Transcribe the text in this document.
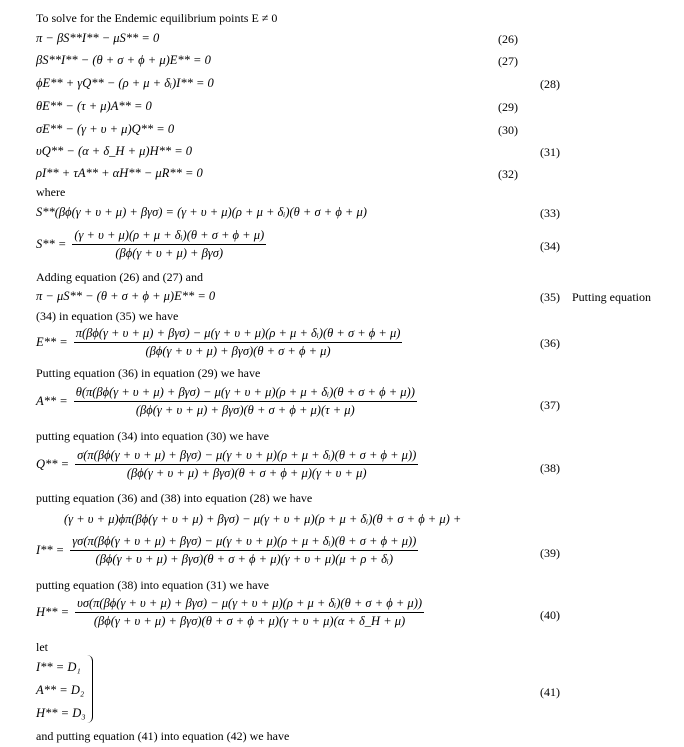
To solve for the Endemic equilibrium points E ≠ 0
π − βS**I** − μS** = 0	(26)
βS**I** − (θ + σ + ϕ + μ)E** = 0	(27)
ϕE** + γQ** − (ρ + μ + δᵢ)I** = 0	(28)
θE** − (τ + μ)A** = 0	(29)
σE** − (γ + υ + μ)Q** = 0	(30)
υQ** − (α + δ_H + μ)H** = 0	(31)
ρI** + τA** + αH** − μR** = 0	(32)
where
S**(βϕ(γ + υ + μ) + βγσ) = (γ + υ + μ)(ρ + μ + δᵢ)(θ + σ + ϕ + μ)	(33)
S** =
(γ + υ + μ)(ρ + μ + δᵢ)(θ + σ + ϕ + μ)
(βϕ(γ + υ + μ) + βγσ)	(34)
Adding equation (26) and (27) and
π − μS** − (θ + σ + ϕ + μ)E** = 0	(35) Putting equation
(34) in equation (35) we have
E** =
π(βϕ(γ + υ + μ) + βγσ) − μ(γ + υ + μ)(ρ + μ + δᵢ)(θ + σ + ϕ + μ)
(βϕ(γ + υ + μ) + βγσ)(θ + σ + ϕ + μ)
(36)
Putting equation (36) in equation (29) we have
A** =
θ(π(βϕ(γ + υ + μ) + βγσ) − μ(γ + υ + μ)(ρ + μ + δᵢ)(θ + σ + ϕ + μ))
(βϕ(γ + υ + μ) + βγσ)(θ + σ + ϕ + μ)(τ + μ)	(37)
putting equation (34) into equation (30) we have
Q** =
σ(π(βϕ(γ + υ + μ) + βγσ) − μ(γ + υ + μ)(ρ + μ + δᵢ)(θ + σ + ϕ + μ))
(βϕ(γ + υ + μ) + βγσ)(θ + σ + ϕ + μ)(γ + υ + μ)	(38)
putting equation (36) and (38) into equation (28) we have
(γ + υ + μ)ϕπ(βϕ(γ + υ + μ) + βγσ) − μ(γ + υ + μ)(ρ + μ + δᵢ)(θ + σ + ϕ + μ) +
I** =
γσ(π(βϕ(γ + υ + μ) + βγσ) − μ(γ + υ + μ)(ρ + μ + δᵢ)(θ + σ + ϕ + μ))
(βϕ(γ + υ + μ) + βγσ)(θ + σ + ϕ + μ)(γ + υ + μ)(μ + ρ + δᵢ)	(39)
putting equation (38) into equation (31) we have
H** =
υσ(π(βϕ(γ + υ + μ) + βγσ) − μ(γ + υ + μ)(ρ + μ + δᵢ)(θ + σ + ϕ + μ))
(βϕ(γ + υ + μ) + βγσ)(θ + σ + ϕ + μ)(γ + υ + μ)(α + δ_H + μ)	(40)
let
I** = D₁
A** = D₂
H** = D₃
(41)
and putting equation (41) into equation (42) we have
